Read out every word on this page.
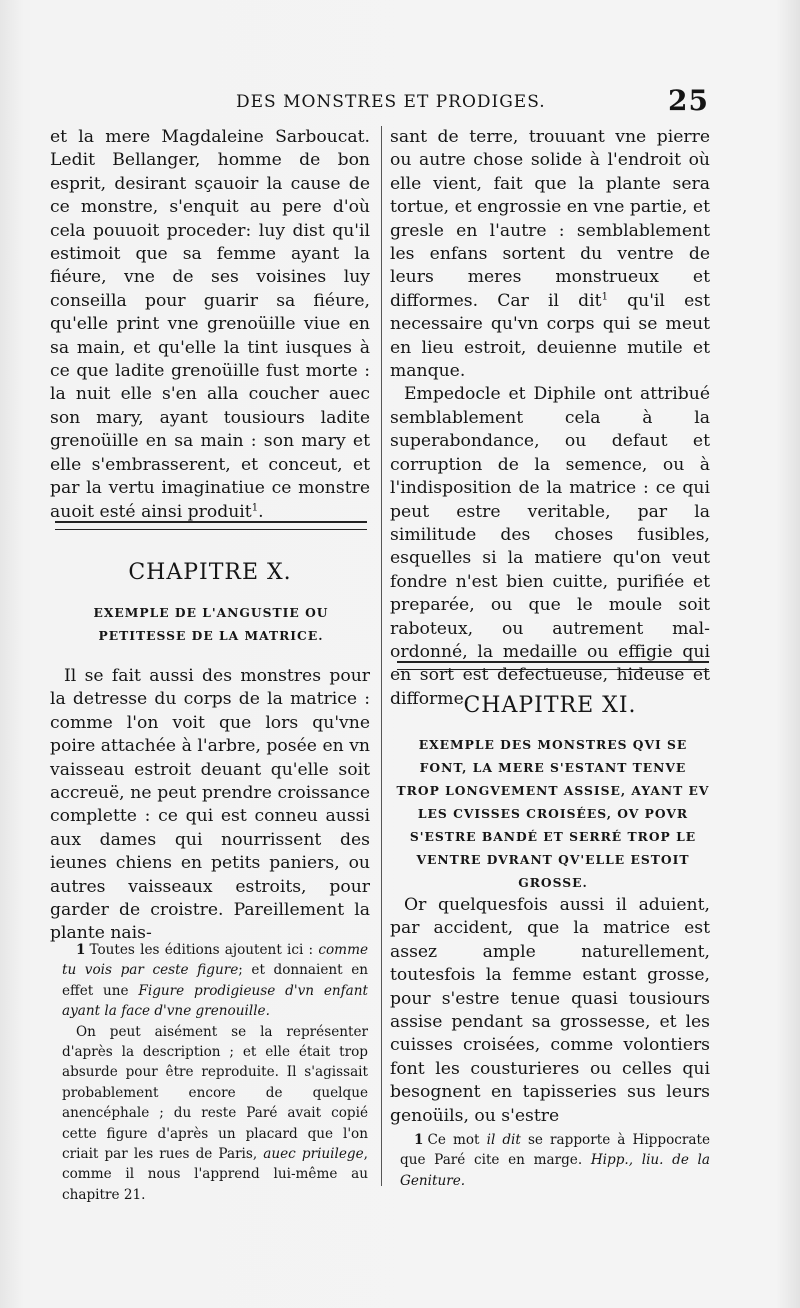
DES MONSTRES ET PRODIGES.	25

et la mere Magdaleine Sarboucat. Ledit Bellanger, homme de bon esprit, desirant sçauoir la cause de ce monstre, s'enquit au pere d'où cela pouuoit proceder: luy dist qu'il estimoit que sa femme ayant la fiéure, vne de ses voisines luy conseilla pour guarir sa fiéure, qu'elle print vne grenoüille viue en sa main, et qu'elle la tint iusques à ce que ladite grenoüille fust morte : la nuit elle s'en alla coucher auec son mary, ayant tousiours ladite grenoüille en sa main : son mary et elle s'embrasserent, et conceut, et par la vertu imaginatiue ce monstre auoit esté ainsi produit$^1$.

CHAPITRE X.
EXEMPLE DE L'ANGUSTIE OU PETITESSE DE LA MATRICE.

Il se fait aussi des monstres pour la detresse du corps de la matrice : comme l'on voit que lors qu'vne poire attachée à l'arbre, posée en vn vaisseau estroit deuant qu'elle soit accreuë, ne peut prendre croissance complette : ce qui est conneu aussi aux dames qui nourrissent des ieunes chiens en petits paniers, ou autres vaisseaux estroits, pour garder de croistre. Pareillement la plante nais-

1 Toutes les éditions ajoutent ici : comme tu vois par ceste figure; et donnaient en effet une Figure prodigieuse d'vn enfant ayant la face d'vne grenouille.

On peut aisément se la représenter d'après la description ; et elle était trop absurde pour être reproduite. Il s'agissait probablement encore de quelque anencéphale ; du reste Paré avait copié cette figure d'après un placard que l'on criait par les rues de Paris, auec priuilege, comme il nous l'apprend lui-même au chapitre 21.

sant de terre, trouuant vne pierre ou autre chose solide à l'endroit où elle vient, fait que la plante sera tortue, et engrossie en vne partie, et gresle en l'autre : semblablement les enfans sortent du ventre de leurs meres monstrueux et difformes. Car il dit$^1$ qu'il est necessaire qu'vn corps qui se meut en lieu estroit, deuienne mutile et manque.

Empedocle et Diphile ont attribué semblablement cela à la superabondance, ou defaut et corruption de la semence, ou à l'indisposition de la matrice : ce qui peut estre veritable, par la similitude des choses fusibles, esquelles si la matiere qu'on veut fondre n'est bien cuitte, purifiée et preparée, ou que le moule soit raboteux, ou autrement mal-ordonné, la medaille ou effigie qui en sort est defectueuse, hideuse et difforme.

CHAPITRE XI.
EXEMPLE DES MONSTRES QVI SE FONT, LA MERE S'ESTANT TENVE TROP LONGVEMENT ASSISE, AYANT EV LES CVISSES CROISÉES, OV POVR S'ESTRE BANDÉ ET SERRÉ TROP LE VENTRE DVRANT QV'ELLE ESTOIT GROSSE.

Or quelquesfois aussi il aduient, par accident, que la matrice est assez ample naturellement, toutesfois la femme estant grosse, pour s'estre tenue quasi tousiours assise pendant sa grossesse, et les cuisses croisées, comme volontiers font les cousturieres ou celles qui besognent en tapisseries sus leurs genoüils, ou s'estre

1 Ce mot il dit se rapporte à Hippocrate que Paré cite en marge. Hipp., liu. de la Geniture.
